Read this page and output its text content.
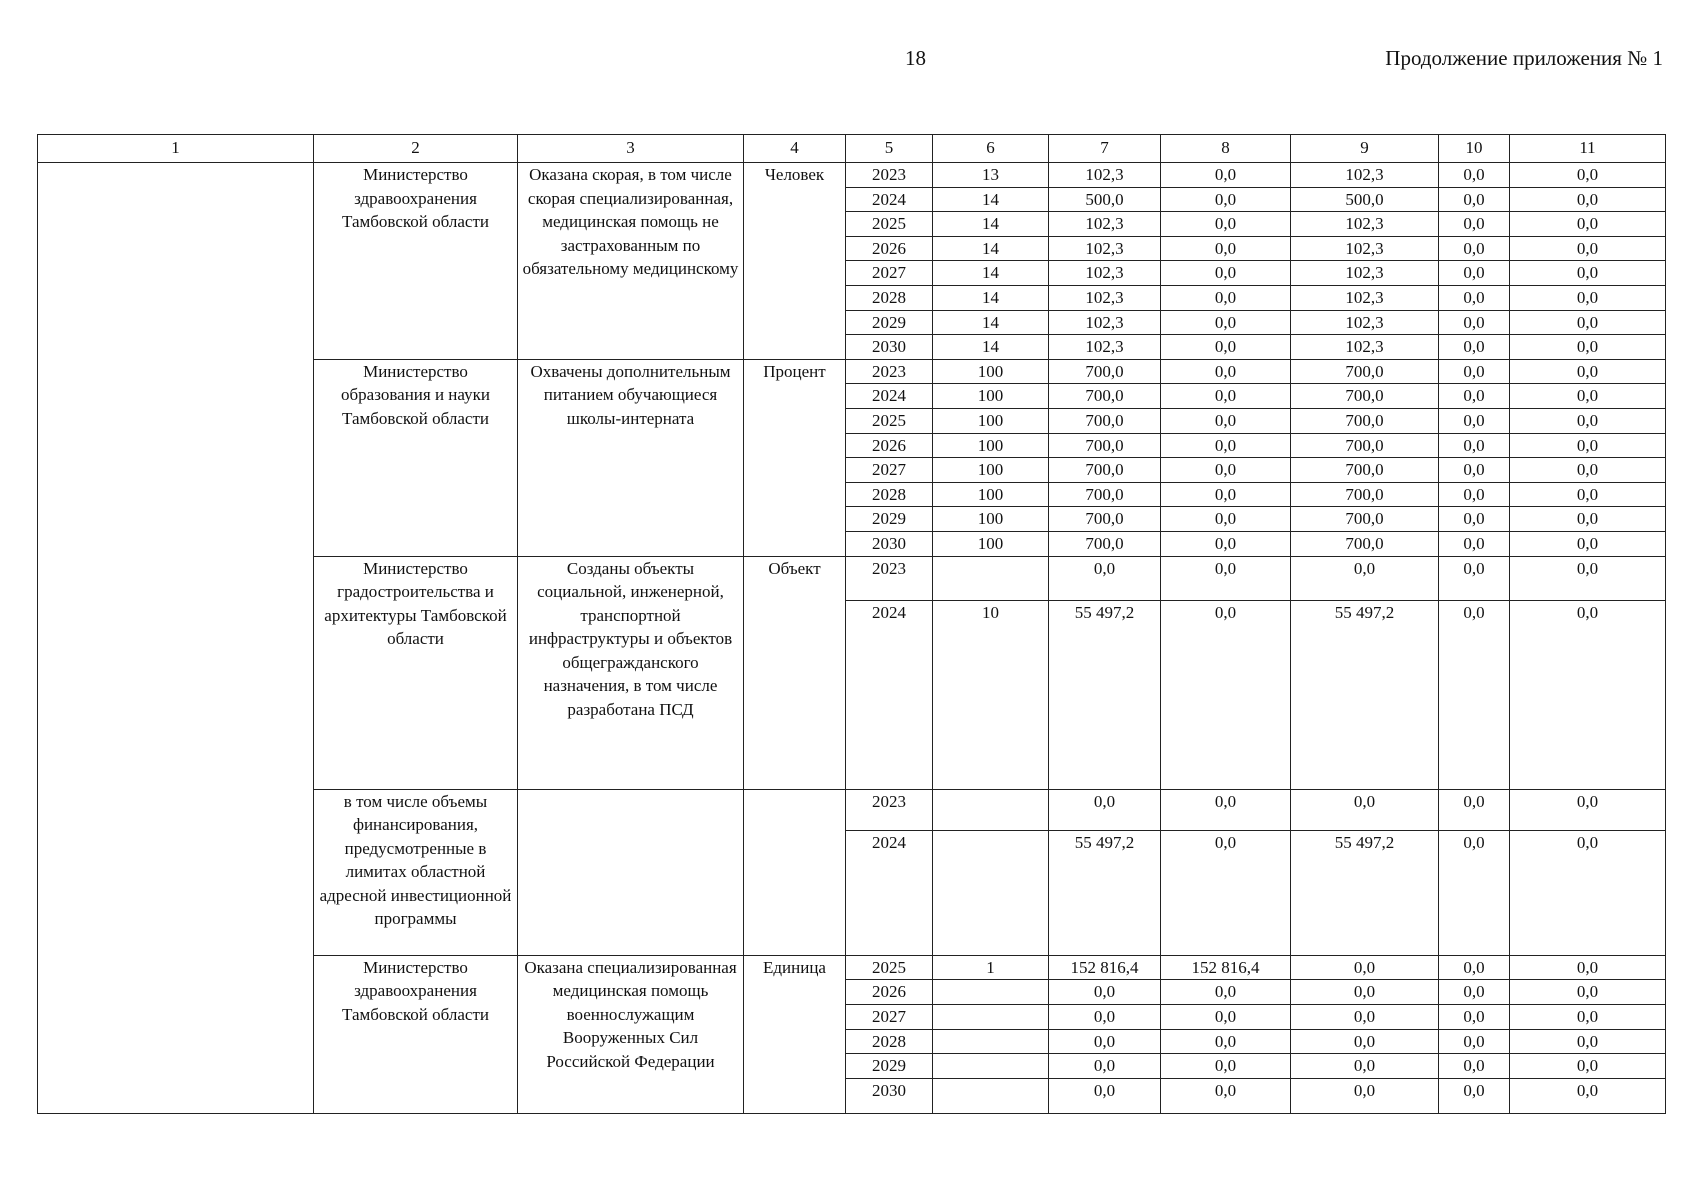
18	Продолжение приложения № 1
1	2	3	4	5	6	7	8	9	10	11
	Министерство здравоохранения Тамбовской области	Оказана скорая, в том числе скорая специализированная, медицинская помощь не застрахованным по обязательному медицинскому	Человек	2023	13	102,3	0,0	102,3	0,0	0,0
				2024	14	500,0	0,0	500,0	0,0	0,0
				2025	14	102,3	0,0	102,3	0,0	0,0
				2026	14	102,3	0,0	102,3	0,0	0,0
				2027	14	102,3	0,0	102,3	0,0	0,0
				2028	14	102,3	0,0	102,3	0,0	0,0
				2029	14	102,3	0,0	102,3	0,0	0,0
				2030	14	102,3	0,0	102,3	0,0	0,0
	Министерство образования и науки Тамбовской области	Охвачены дополнительным питанием обучающиеся школы-интерната	Процент	2023	100	700,0	0,0	700,0	0,0	0,0
				2024	100	700,0	0,0	700,0	0,0	0,0
				2025	100	700,0	0,0	700,0	0,0	0,0
				2026	100	700,0	0,0	700,0	0,0	0,0
				2027	100	700,0	0,0	700,0	0,0	0,0
				2028	100	700,0	0,0	700,0	0,0	0,0
				2029	100	700,0	0,0	700,0	0,0	0,0
				2030	100	700,0	0,0	700,0	0,0	0,0
	Министерство градостроительства и архитектуры Тамбовской области	Созданы объекты социальной, инженерной, транспортной инфраструктуры и объектов общегражданского назначения, в том числе разработана ПСД	Объект	2023		0,0	0,0	0,0	0,0	0,0
				2024	10	55 497,2	0,0	55 497,2	0,0	0,0
	в том числе объемы финансирования, предусмотренные в лимитах областной адресной инвестиционной программы			2023		0,0	0,0	0,0	0,0	0,0
				2024		55 497,2	0,0	55 497,2	0,0	0,0
	Министерство здравоохранения Тамбовской области	Оказана специализированная медицинская помощь военнослужащим Вооруженных Сил Российской Федерации	Единица	2025	1	152 816,4	152 816,4	0,0	0,0	0,0
				2026		0,0	0,0	0,0	0,0	0,0
				2027		0,0	0,0	0,0	0,0	0,0
				2028		0,0	0,0	0,0	0,0	0,0
				2029		0,0	0,0	0,0	0,0	0,0
				2030		0,0	0,0	0,0	0,0	0,0
